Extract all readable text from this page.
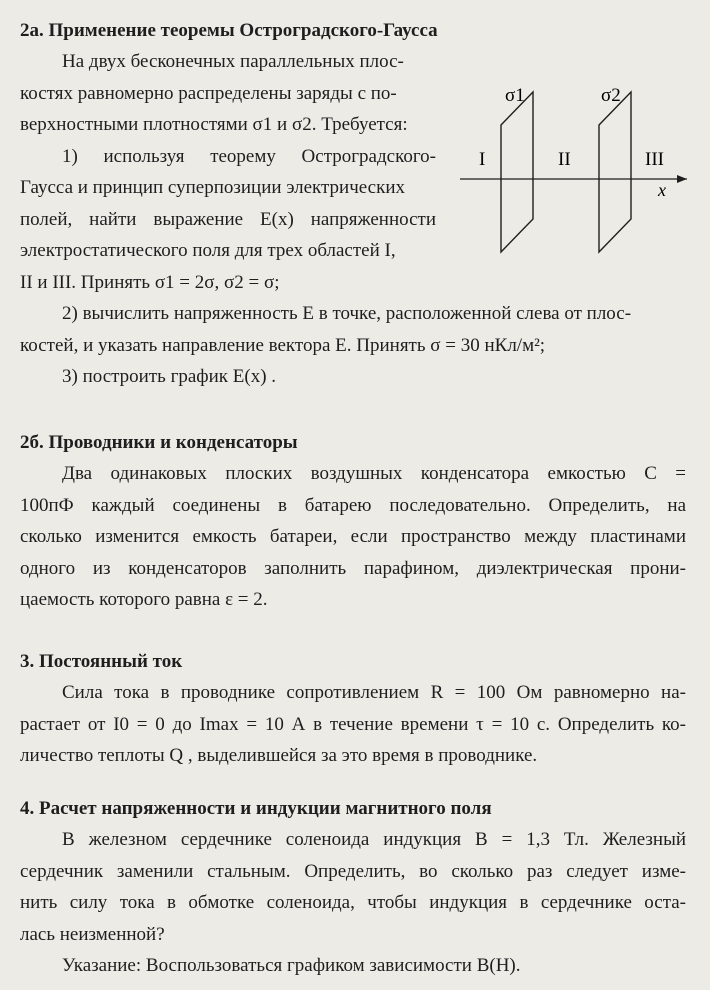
2а. Применение теоремы Остроградского-Гаусса
На двух бесконечных параллельных плос-
костях равномерно распределены заряды с по-
верхностными плотностями σ1 и σ2. Требуется:
1) используя теорему Остроградского-
Гаусса и принцип суперпозиции электрических
полей, найти выражение E(x) напряженности
электростатического поля для трех областей I,
II и III. Принять σ1 = 2σ, σ2 = σ;
2) вычислить напряженность E в точке, расположенной слева от плос-
костей, и указать направление вектора E. Принять σ = 30 нКл/м²;
3) построить график E(x) .
σ1	σ2
I	II	III
x
2б. Проводники и конденсаторы
Два одинаковых плоских воздушных конденсатора емкостью C =
100пФ каждый соединены в батарею последовательно. Определить, на
сколько изменится емкость батареи, если пространство между пластинами
одного из конденсаторов заполнить парафином, диэлектрическая прони-
цаемость которого равна ε = 2.
3. Постоянный ток
Сила тока в проводнике сопротивлением R = 100 Ом равномерно на-
растает от I0 = 0 до Imax = 10 А в течение времени τ = 10 с. Определить ко-
личество теплоты Q , выделившейся за это время в проводнике.
4. Расчет напряженности и индукции магнитного поля
В железном сердечнике соленоида индукция B = 1,3 Тл. Железный
сердечник заменили стальным. Определить, во сколько раз следует изме-
нить силу тока в обмотке соленоида, чтобы индукция в сердечнике оста-
лась неизменной?
Указание: Воспользоваться графиком зависимости B(H).
